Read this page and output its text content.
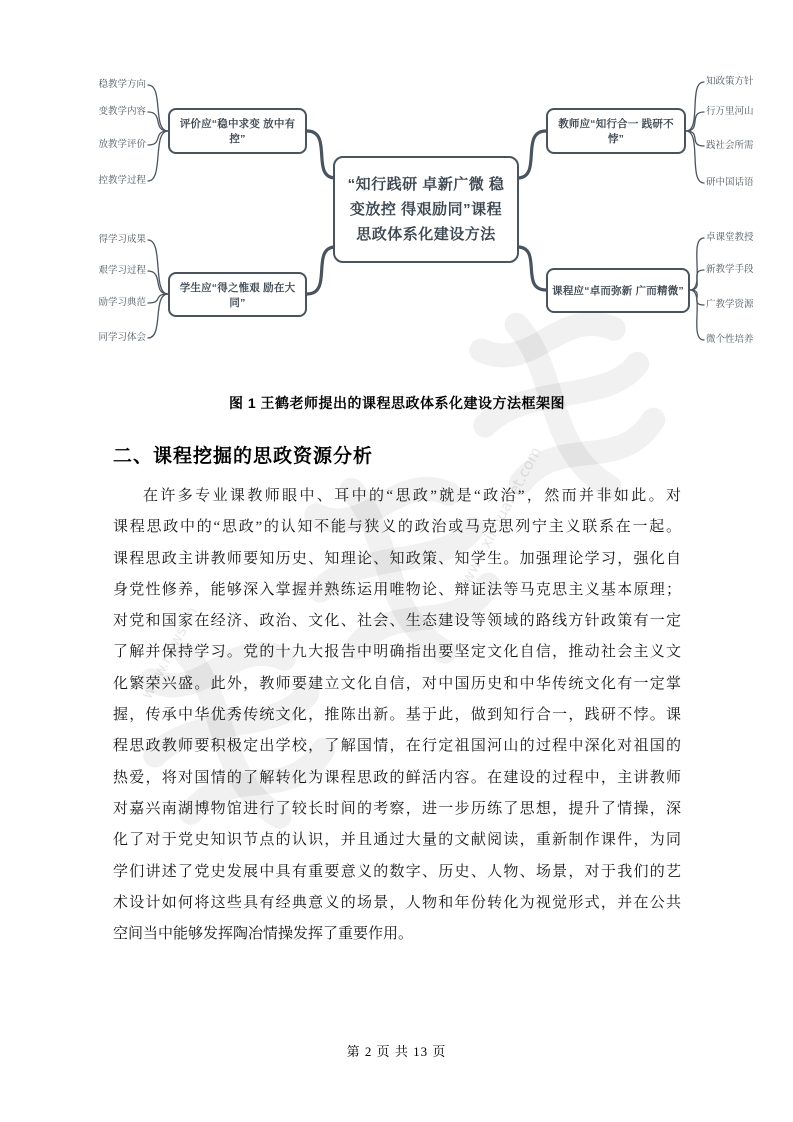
www.news.cn
www.xinhuanet.com
“知行践研 卓新广微 稳变放控 得艰励同”课程思政体系化建设方法
评价应“稳中求变 放中有控”
稳教学方向
变教学内容
放教学评价
控教学过程
教师应“知行合一 践研不悖”
知政策方针
行万里河山
践社会所需
研中国话语
学生应“得之惟艰 励在大同”
得学习成果
艰学习过程
励学习典范
同学习体会
课程应“卓而弥新 广而精微”
卓课堂教授
新教学手段
广教学资源
微个性培养
图 1 王鹤老师提出的课程思政体系化建设方法框架图
二、课程挖掘的思政资源分析
在许多专业课教师眼中、耳中的“思政”就是“政治”，然而并非如此。对
课程思政中的“思政”的认知不能与狭义的政治或马克思列宁主义联系在一起。
课程思政主讲教师要知历史、知理论、知政策、知学生。加强理论学习，强化自
身党性修养，能够深入掌握并熟练运用唯物论、辩证法等马克思主义基本原理；
对党和国家在经济、政治、文化、社会、生态建设等领域的路线方针政策有一定
了解并保持学习。党的十九大报告中明确指出要坚定文化自信，推动社会主义文
化繁荣兴盛。此外，教师要建立文化自信，对中国历史和中华传统文化有一定掌
握，传承中华优秀传统文化，推陈出新。基于此，做到知行合一，践研不悖。课
程思政教师要积极定出学校，了解国情，在行定祖国河山的过程中深化对祖国的
热爱，将对国情的了解转化为课程思政的鲜活内容。在建设的过程中，主讲教师
对嘉兴南湖博物馆进行了较长时间的考察，进一步历练了思想，提升了情操，深
化了对于党史知识节点的认识，并且通过大量的文献阅读，重新制作课件，为同
学们讲述了党史发展中具有重要意义的数字、历史、人物、场景，对于我们的艺
术设计如何将这些具有经典意义的场景，人物和年份转化为视觉形式，并在公共
空间当中能够发挥陶冶情操发挥了重要作用。
第 2 页 共 13 页
